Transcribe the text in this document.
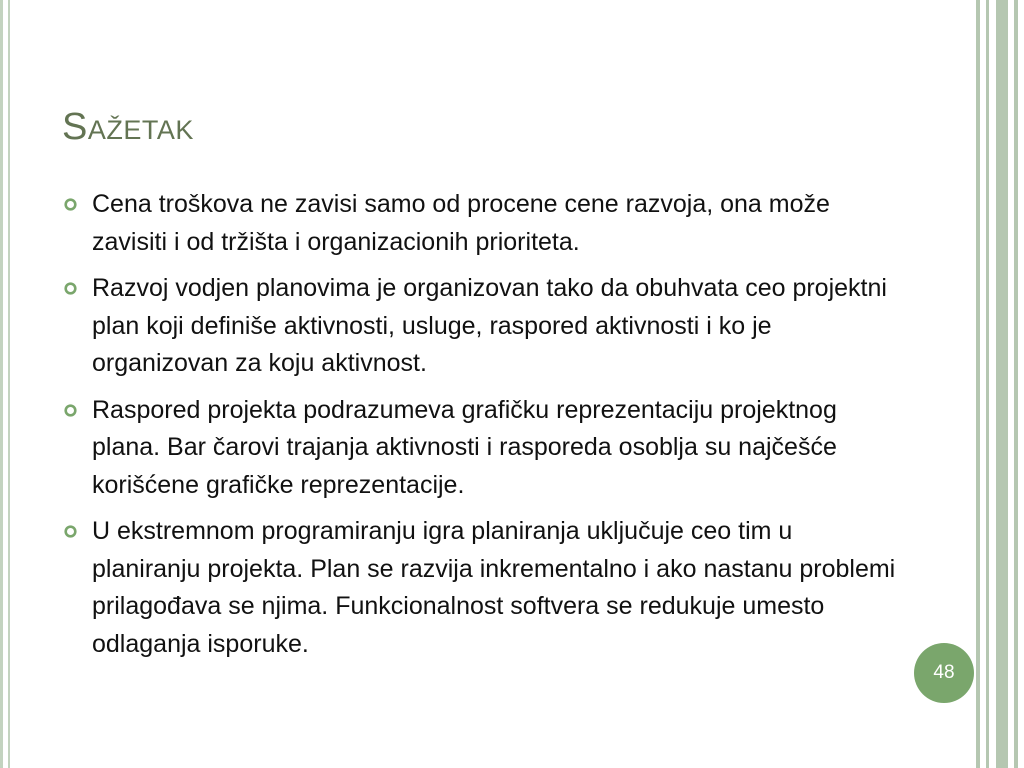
Sažetak
Cena troškova ne zavisi samo od procene cene razvoja, ona može zavisiti i od tržišta i organizacionih prioriteta.
Razvoj vodjen planovima je organizovan tako da obuhvata ceo projektni plan koji definiše aktivnosti, usluge, raspored aktivnosti i ko je organizovan za koju aktivnost.
Raspored projekta podrazumeva grafičku reprezentaciju projektnog plana. Bar čarovi trajanja aktivnosti i rasporeda osoblja su najčešće korišćene grafičke reprezentacije.
U ekstremnom programiranju igra planiranja uključuje ceo tim u planiranju projekta. Plan se razvija inkrementalno i ako nastanu problemi prilagođava se njima. Funkcionalnost softvera se redukuje umesto odlaganja isporuke.
48
